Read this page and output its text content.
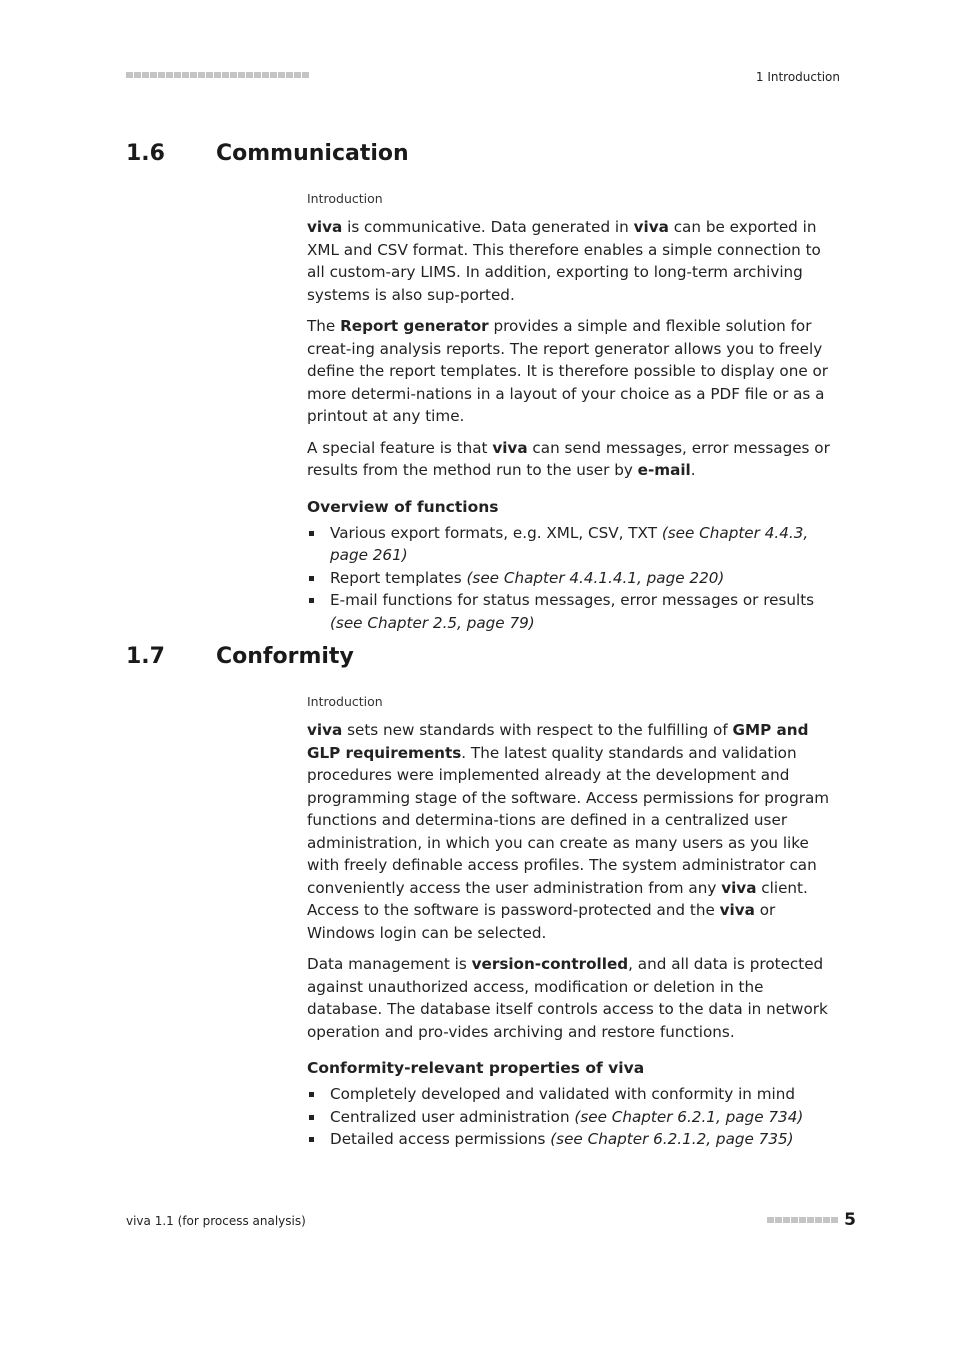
1 Introduction
1.6	Communication
Introduction

viva is communicative. Data generated in viva can be exported in XML and CSV format. This therefore enables a simple connection to all custom-ary LIMS. In addition, exporting to long-term archiving systems is also sup-ported.

The Report generator provides a simple and flexible solution for creat-ing analysis reports. The report generator allows you to freely define the report templates. It is therefore possible to display one or more determi-nations in a layout of your choice as a PDF file or as a printout at any time.

A special feature is that viva can send messages, error messages or results from the method run to the user by e-mail.

Overview of functions
Various export formats, e.g. XML, CSV, TXT (see Chapter 4.4.3, page 261)
Report templates (see Chapter 4.4.1.4.1, page 220)
E-mail functions for status messages, error messages or results (see Chapter 2.5, page 79)
1.7	Conformity
Introduction

viva sets new standards with respect to the fulfilling of GMP and GLP requirements. The latest quality standards and validation procedures were implemented already at the development and programming stage of the software. Access permissions for program functions and determina-tions are defined in a centralized user administration, in which you can create as many users as you like with freely definable access profiles. The system administrator can conveniently access the user administration from any viva client. Access to the software is password-protected and the viva or Windows login can be selected.

Data management is version-controlled, and all data is protected against unauthorized access, modification or deletion in the database. The database itself controls access to the data in network operation and pro-vides archiving and restore functions.

Conformity-relevant properties of viva
Completely developed and validated with conformity in mind
Centralized user administration (see Chapter 6.2.1, page 734)
Detailed access permissions (see Chapter 6.2.1.2, page 735)
viva 1.1 (for process analysis)	5
